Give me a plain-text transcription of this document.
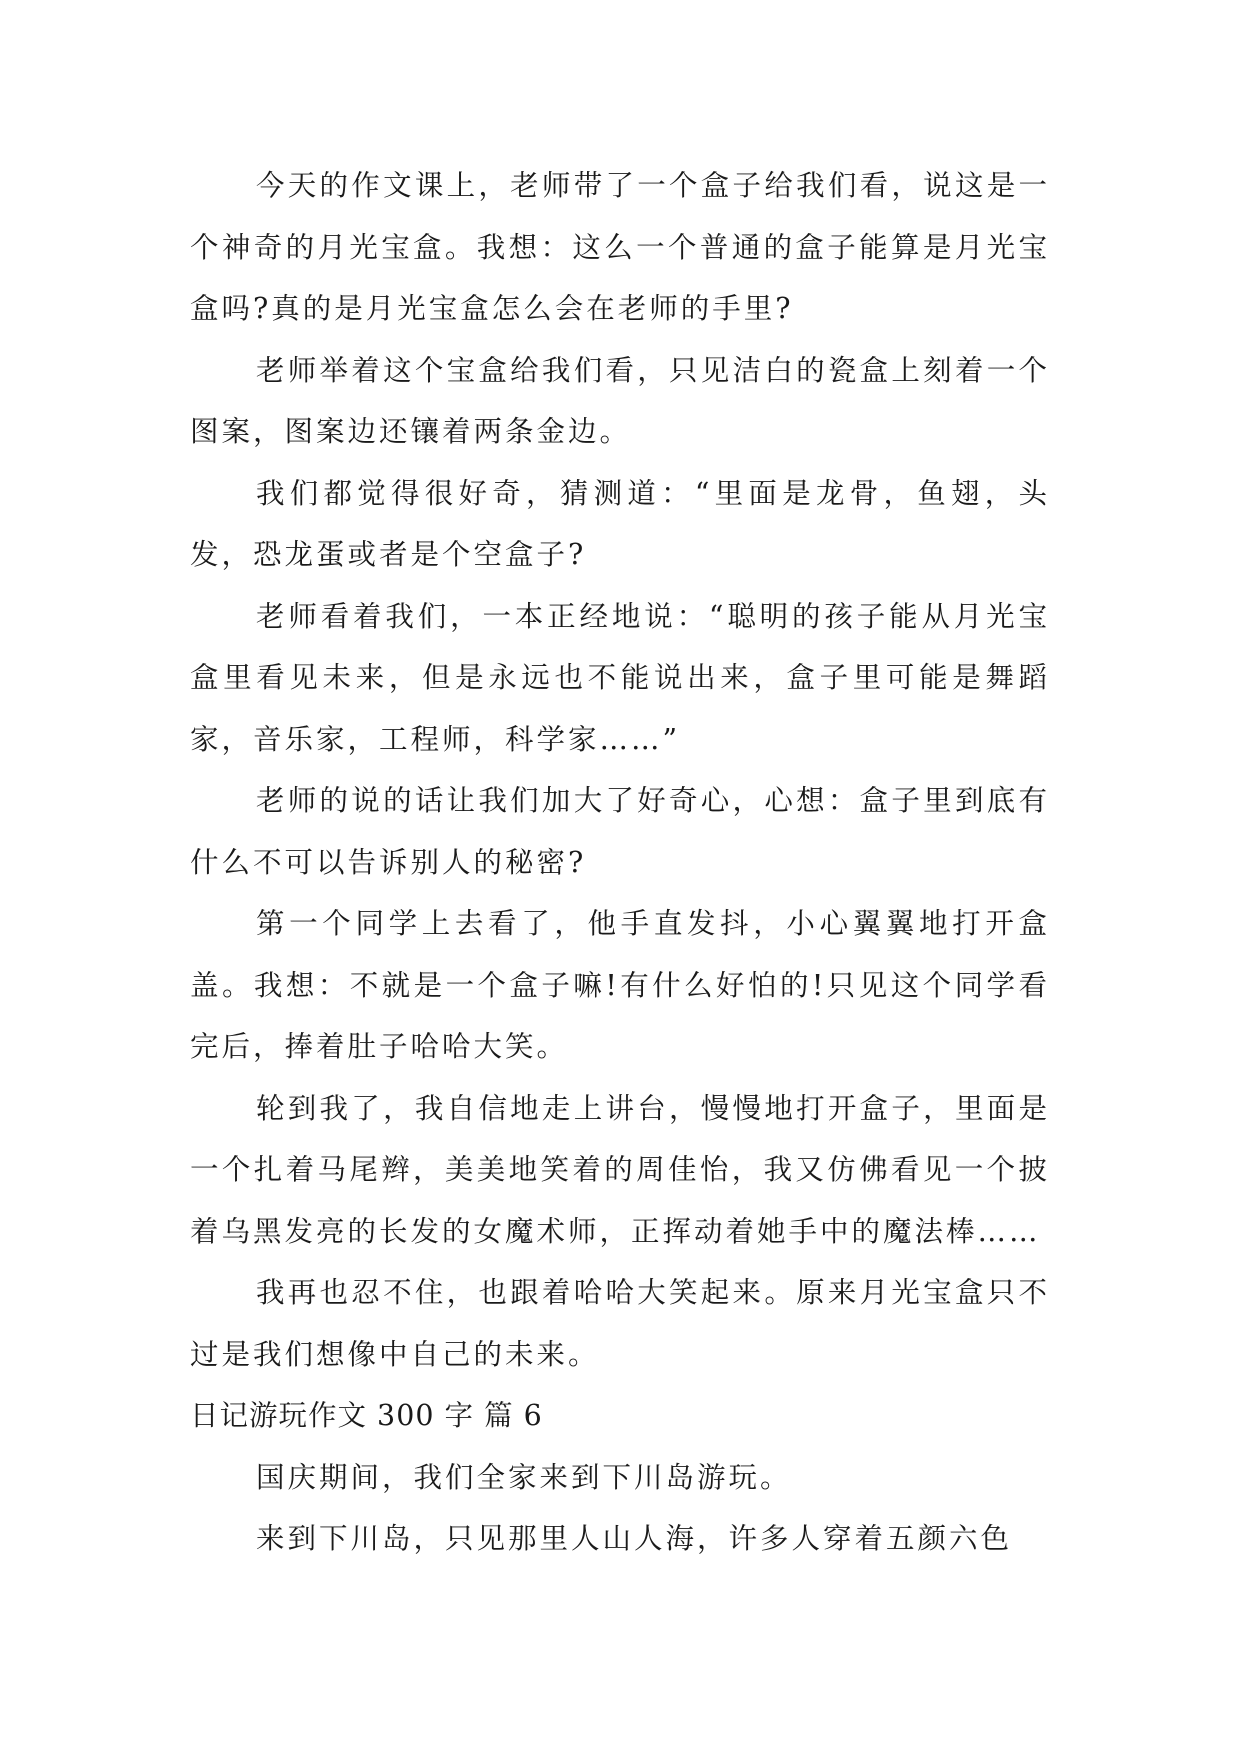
今天的作文课上，老师带了一个盒子给我们看，说这是一个神奇的月光宝盒。我想：这么一个普通的盒子能算是月光宝盒吗?真的是月光宝盒怎么会在老师的手里?

老师举着这个宝盒给我们看，只见洁白的瓷盒上刻着一个图案，图案边还镶着两条金边。

我们都觉得很好奇，猜测道：“里面是龙骨，鱼翅，头发，恐龙蛋或者是个空盒子?

老师看着我们，一本正经地说：“聪明的孩子能从月光宝盒里看见未来，但是永远也不能说出来，盒子里可能是舞蹈家，音乐家，工程师，科学家……”

老师的说的话让我们加大了好奇心，心想：盒子里到底有什么不可以告诉别人的秘密?

第一个同学上去看了，他手直发抖，小心翼翼地打开盒盖。我想：不就是一个盒子嘛!有什么好怕的!只见这个同学看完后，捧着肚子哈哈大笑。

轮到我了，我自信地走上讲台，慢慢地打开盒子，里面是一个扎着马尾辫，美美地笑着的周佳怡，我又仿佛看见一个披着乌黑发亮的长发的女魔术师，正挥动着她手中的魔法棒……

我再也忍不住，也跟着哈哈大笑起来。原来月光宝盒只不过是我们想像中自己的未来。

日记游玩作文 300 字 篇 6

国庆期间，我们全家来到下川岛游玩。

来到下川岛，只见那里人山人海，许多人穿着五颜六色
